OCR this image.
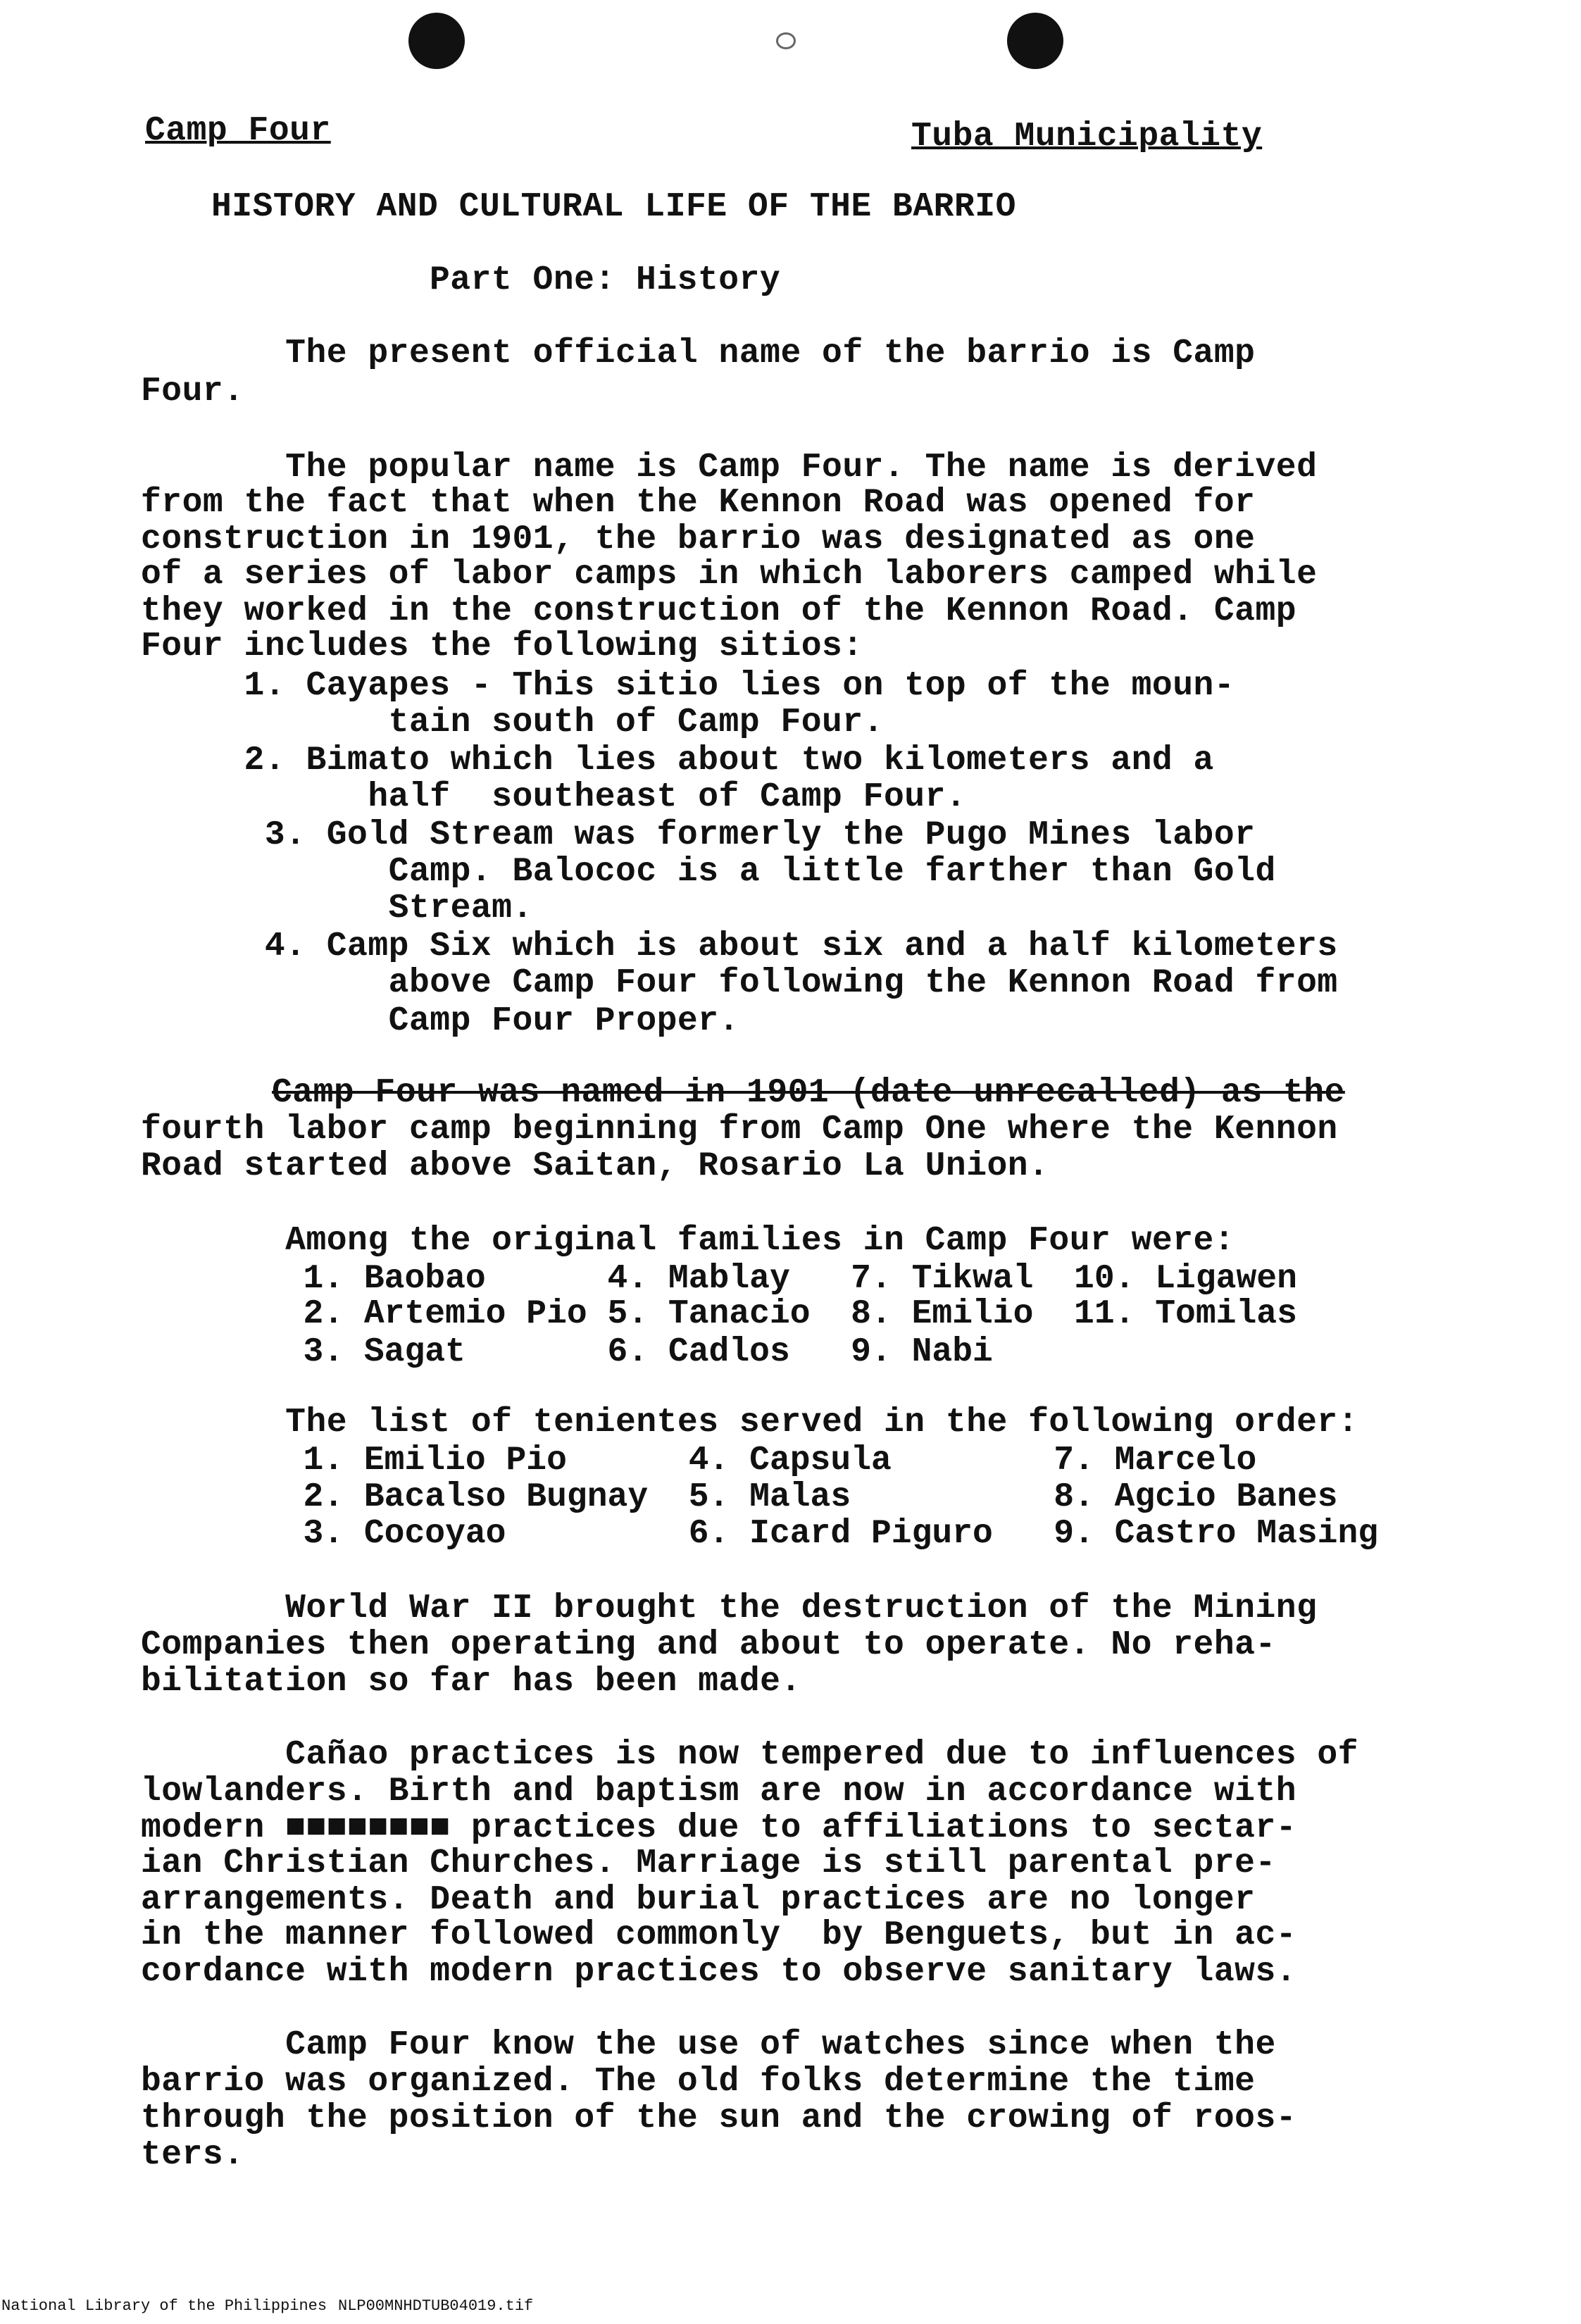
Camp Four	Tuba Municipality
HISTORY AND CULTURAL LIFE OF THE BARRIO
Part One: History
The present official name of the barrio is Camp
Four.
The popular name is Camp Four. The name is derived
from the fact that when the Kennon Road was opened for
construction in 1901, the barrio was designated as one
of a series of labor camps in which laborers camped while
they worked in the construction of the Kennon Road. Camp
Four includes the following sitios:
1. Cayapes - This sitio lies on top of the moun-
tain south of Camp Four.
2. Bimato which lies about two kilometers and a
half  southeast of Camp Four.
3. Gold Stream was formerly the Pugo Mines labor
Camp. Balococ is a little farther than Gold
Stream.
4. Camp Six which is about six and a half kilometers
above Camp Four following the Kennon Road from
Camp Four Proper.
Camp Four was named in 1901 (date unrecalled) as the
fourth labor camp beginning from Camp One where the Kennon
Road started above Saitan, Rosario La Union.
Among the original families in Camp Four were:
1. Baobao      4. Mablay   7. Tikwal  10. Ligawen
2. Artemio Pio 5. Tanacio  8. Emilio  11. Tomilas
3. Sagat       6. Cadlos   9. Nabi
The list of tenientes served in the following order:
1. Emilio Pio      4. Capsula        7. Marcelo
2. Bacalso Bugnay  5. Malas          8. Agcio Banes
3. Cocoyao         6. Icard Piguro   9. Castro Masing
World War II brought the destruction of the Mining
Companies then operating and about to operate. No reha-
bilitation so far has been made.
Cañao practices is now tempered due to influences of
lowlanders. Birth and baptism are now in accordance with
modern ■■■■■■■■ practices due to affiliations to sectar-
ian Christian Churches. Marriage is still parental pre-
arrangements. Death and burial practices are no longer
in the manner followed commonly  by Benguets, but in ac-
cordance with modern practices to observe sanitary laws.
Camp Four know the use of watches since when the
barrio was organized. The old folks determine the time
through the position of the sun and the crowing of roos-
ters.
National Library of the Philippines NLP00MNHDTUB04019.tif
